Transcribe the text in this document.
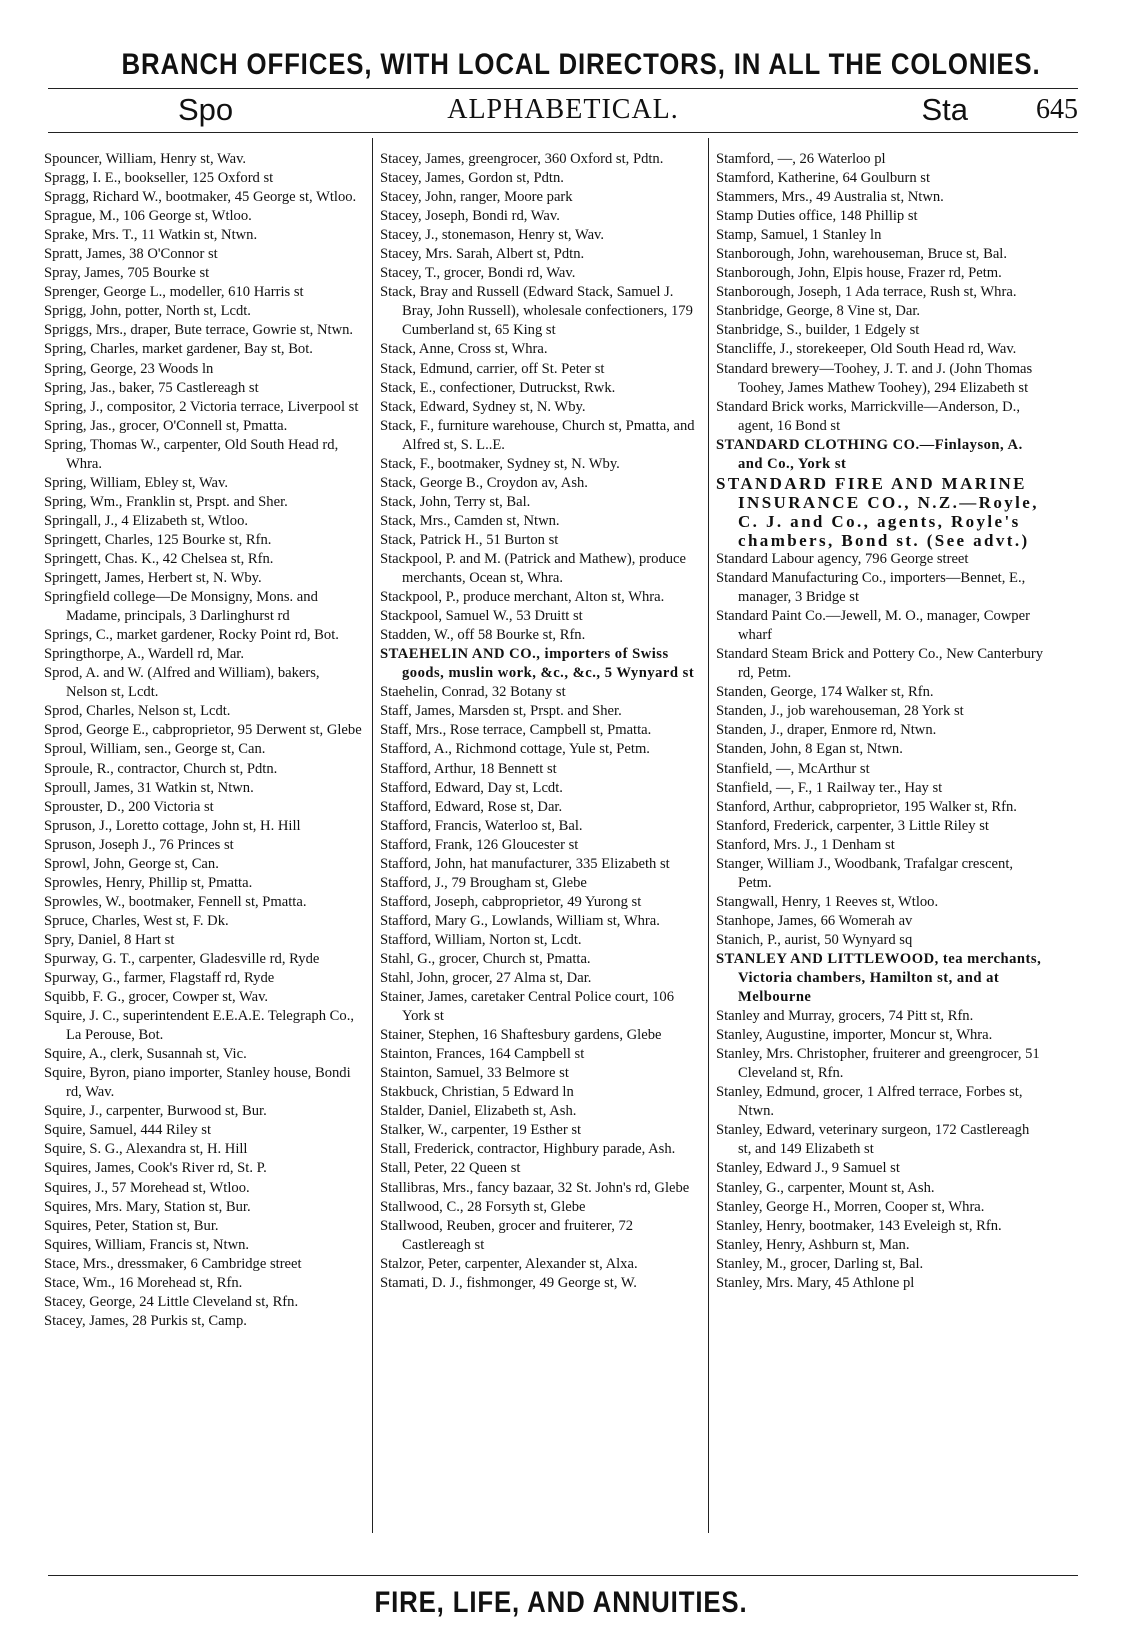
BRANCH OFFICES, WITH LOCAL DIRECTORS, IN ALL THE COLONIES.
Spo	ALPHABETICAL.	Sta 645

Spouncer, William, Henry st, Wav.

Spragg, I. E., bookseller, 125 Oxford st

Spragg, Richard W., bootmaker, 45 George st, Wtloo.

Sprague, M., 106 George st, Wtloo.

Sprake, Mrs. T., 11 Watkin st, Ntwn.

Spratt, James, 38 O'Connor st

Spray, James, 705 Bourke st

Sprenger, George L., modeller, 610 Harris st

Sprigg, John, potter, North st, Lcdt.

Spriggs, Mrs., draper, Bute terrace, Gowrie st, Ntwn.

Spring, Charles, market gardener, Bay st, Bot.

Spring, George, 23 Woods ln

Spring, Jas., baker, 75 Castlereagh st

Spring, J., compositor, 2 Victoria terrace, Liverpool st

Spring, Jas., grocer, O'Connell st, Pmatta.

Spring, Thomas W., carpenter, Old South Head rd, Whra.

Spring, William, Ebley st, Wav.

Spring, Wm., Franklin st, Prspt. and Sher.

Springall, J., 4 Elizabeth st, Wtloo.

Springett, Charles, 125 Bourke st, Rfn.

Springett, Chas. K., 42 Chelsea st, Rfn.

Springett, James, Herbert st, N. Wby.

Springfield college—De Monsigny, Mons. and Madame, principals, 3 Darlinghurst rd

Springs, C., market gardener, Rocky Point rd, Bot.

Springthorpe, A., Wardell rd, Mar.

Sprod, A. and W. (Alfred and William), bakers, Nelson st, Lcdt.

Sprod, Charles, Nelson st, Lcdt.

Sprod, George E., cabproprietor, 95 Derwent st, Glebe

Sproul, William, sen., George st, Can.

Sproule, R., contractor, Church st, Pdtn.

Sproull, James, 31 Watkin st, Ntwn.

Sprouster, D., 200 Victoria st

Spruson, J., Loretto cottage, John st, H. Hill

Spruson, Joseph J., 76 Princes st

Sprowl, John, George st, Can.

Sprowles, Henry, Phillip st, Pmatta.

Sprowles, W., bootmaker, Fennell st, Pmatta.

Spruce, Charles, West st, F. Dk.

Spry, Daniel, 8 Hart st

Spurway, G. T., carpenter, Gladesville rd, Ryde

Spurway, G., farmer, Flagstaff rd, Ryde

Squibb, F. G., grocer, Cowper st, Wav.

Squire, J. C., superintendent E.E.A.E. Telegraph Co., La Perouse, Bot.

Squire, A., clerk, Susannah st, Vic.

Squire, Byron, piano importer, Stanley house, Bondi rd, Wav.

Squire, J., carpenter, Burwood st, Bur.

Squire, Samuel, 444 Riley st

Squire, S. G., Alexandra st, H. Hill

Squires, James, Cook's River rd, St. P.

Squires, J., 57 Morehead st, Wtloo.

Squires, Mrs. Mary, Station st, Bur.

Squires, Peter, Station st, Bur.

Squires, William, Francis st, Ntwn.

Stace, Mrs., dressmaker, 6 Cambridge street

Stace, Wm., 16 Morehead st, Rfn.

Stacey, George, 24 Little Cleveland st, Rfn.

Stacey, James, 28 Purkis st, Camp.

Stacey, James, greengrocer, 360 Oxford st, Pdtn.

Stacey, James, Gordon st, Pdtn.

Stacey, John, ranger, Moore park

Stacey, Joseph, Bondi rd, Wav.

Stacey, J., stonemason, Henry st, Wav.

Stacey, Mrs. Sarah, Albert st, Pdtn.

Stacey, T., grocer, Bondi rd, Wav.

Stack, Bray and Russell (Edward Stack, Samuel J. Bray, John Russell), wholesale confectioners, 179 Cumberland st, 65 King st

Stack, Anne, Cross st, Whra.

Stack, Edmund, carrier, off St. Peter st

Stack, E., confectioner, Dutruckst, Rwk.

Stack, Edward, Sydney st, N. Wby.

Stack, F., furniture warehouse, Church st, Pmatta, and Alfred st, S. L..E.

Stack, F., bootmaker, Sydney st, N. Wby.

Stack, George B., Croydon av, Ash.

Stack, John, Terry st, Bal.

Stack, Mrs., Camden st, Ntwn.

Stack, Patrick H., 51 Burton st

Stackpool, P. and M. (Patrick and Mathew), produce merchants, Ocean st, Whra.

Stackpool, P., produce merchant, Alton st, Whra.

Stackpool, Samuel W., 53 Druitt st

Stadden, W., off 58 Bourke st, Rfn.

STAEHELIN AND CO., importers of Swiss goods, muslin work, &c., &c., 5 Wynyard st

Staehelin, Conrad, 32 Botany st

Staff, James, Marsden st, Prspt. and Sher.

Staff, Mrs., Rose terrace, Campbell st, Pmatta.

Stafford, A., Richmond cottage, Yule st, Petm.

Stafford, Arthur, 18 Bennett st

Stafford, Edward, Day st, Lcdt.

Stafford, Edward, Rose st, Dar.

Stafford, Francis, Waterloo st, Bal.

Stafford, Frank, 126 Gloucester st

Stafford, John, hat manufacturer, 335 Elizabeth st

Stafford, J., 79 Brougham st, Glebe

Stafford, Joseph, cabproprietor, 49 Yurong st

Stafford, Mary G., Lowlands, William st, Whra.

Stafford, William, Norton st, Lcdt.

Stahl, G., grocer, Church st, Pmatta.

Stahl, John, grocer, 27 Alma st, Dar.

Stainer, James, caretaker Central Police court, 106 York st

Stainer, Stephen, 16 Shaftesbury gardens, Glebe

Stainton, Frances, 164 Campbell st

Stainton, Samuel, 33 Belmore st

Stakbuck, Christian, 5 Edward ln

Stalder, Daniel, Elizabeth st, Ash.

Stalker, W., carpenter, 19 Esther st

Stall, Frederick, contractor, Highbury parade, Ash.

Stall, Peter, 22 Queen st

Stallibras, Mrs., fancy bazaar, 32 St. John's rd, Glebe

Stallwood, C., 28 Forsyth st, Glebe

Stallwood, Reuben, grocer and fruiterer, 72 Castlereagh st

Stalzor, Peter, carpenter, Alexander st, Alxa.

Stamati, D. J., fishmonger, 49 George st, W.

Stamford, —, 26 Waterloo pl

Stamford, Katherine, 64 Goulburn st

Stammers, Mrs., 49 Australia st, Ntwn.

Stamp Duties office, 148 Phillip st

Stamp, Samuel, 1 Stanley ln

Stanborough, John, warehouseman, Bruce st, Bal.

Stanborough, John, Elpis house, Frazer rd, Petm.

Stanborough, Joseph, 1 Ada terrace, Rush st, Whra.

Stanbridge, George, 8 Vine st, Dar.

Stanbridge, S., builder, 1 Edgely st

Stancliffe, J., storekeeper, Old South Head rd, Wav.

Standard brewery—Toohey, J. T. and J. (John Thomas Toohey, James Mathew Toohey), 294 Elizabeth st

Standard Brick works, Marrickville—Anderson, D., agent, 16 Bond st

STANDARD CLOTHING CO.—Finlayson, A. and Co., York st

STANDARD FIRE AND MARINE INSURANCE CO., N.Z.—Royle, C. J. and Co., agents, Royle's chambers, Bond st. (See advt.)

Standard Labour agency, 796 George street

Standard Manufacturing Co., importers—Bennet, E., manager, 3 Bridge st

Standard Paint Co.—Jewell, M. O., manager, Cowper wharf

Standard Steam Brick and Pottery Co., New Canterbury rd, Petm.

Standen, George, 174 Walker st, Rfn.

Standen, J., job warehouseman, 28 York st

Standen, J., draper, Enmore rd, Ntwn.

Standen, John, 8 Egan st, Ntwn.

Stanfield, —, McArthur st

Stanfield, —, F., 1 Railway ter., Hay st

Stanford, Arthur, cabproprietor, 195 Walker st, Rfn.

Stanford, Frederick, carpenter, 3 Little Riley st

Stanford, Mrs. J., 1 Denham st

Stanger, William J., Woodbank, Trafalgar crescent, Petm.

Stangwall, Henry, 1 Reeves st, Wtloo.

Stanhope, James, 66 Womerah av

Stanich, P., aurist, 50 Wynyard sq

STANLEY AND LITTLEWOOD, tea merchants, Victoria chambers, Hamilton st, and at Melbourne

Stanley and Murray, grocers, 74 Pitt st, Rfn.

Stanley, Augustine, importer, Moncur st, Whra.

Stanley, Mrs. Christopher, fruiterer and greengrocer, 51 Cleveland st, Rfn.

Stanley, Edmund, grocer, 1 Alfred terrace, Forbes st, Ntwn.

Stanley, Edward, veterinary surgeon, 172 Castlereagh st, and 149 Elizabeth st

Stanley, Edward J., 9 Samuel st

Stanley, G., carpenter, Mount st, Ash.

Stanley, George H., Morren, Cooper st, Whra.

Stanley, Henry, bootmaker, 143 Eveleigh st, Rfn.

Stanley, Henry, Ashburn st, Man.

Stanley, M., grocer, Darling st, Bal.

Stanley, Mrs. Mary, 45 Athlone pl

FIRE, LIFE, AND ANNUITIES.
